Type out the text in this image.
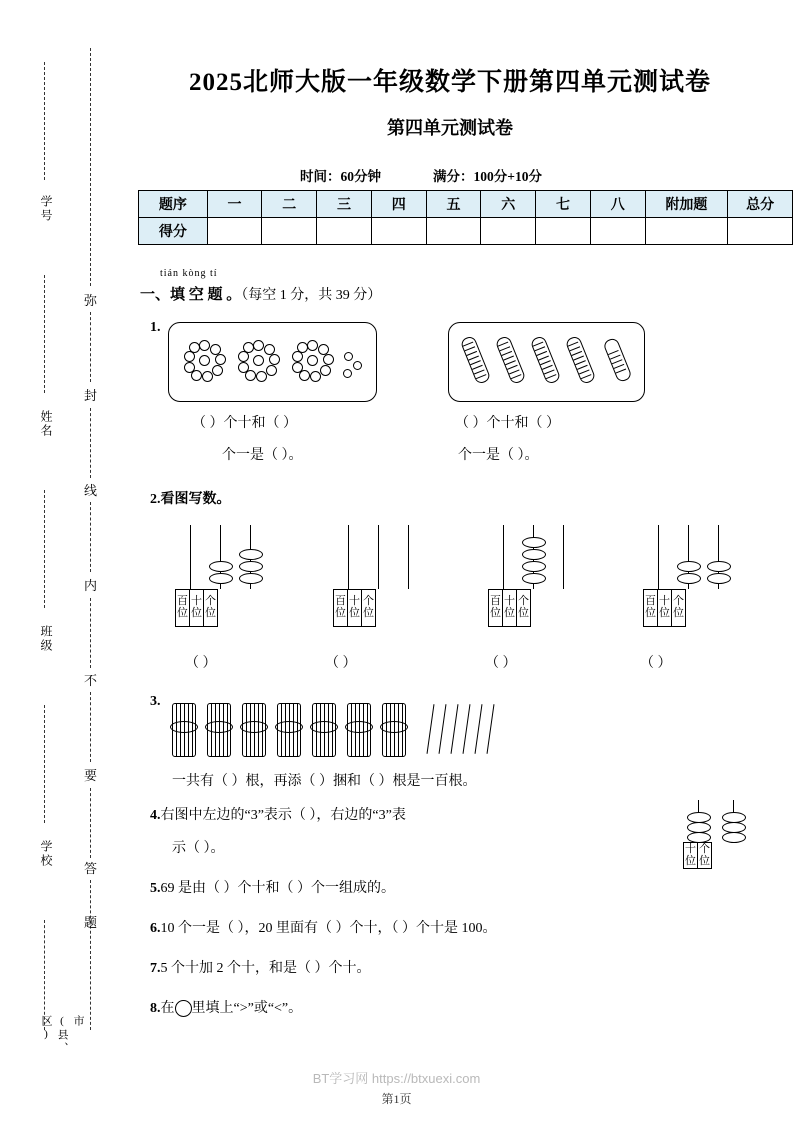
学号
姓名
班级
学校
市(县、区)
弥
封
线
内
不
要
答
题
2025北师大版一年级数学下册第四单元测试卷
第四单元测试卷
时间：60分钟	满分：100分+10分
题序	一	二	三	四	五	六	七	八	附加题	总分
得分										
tián kòng tí
一、填 空 题 。（每空 1 分，共 39 分）
1.
（ ）个十和（ ）
个一是（ ）。
（ ）个十和（ ）
个一是（ ）。
2.看图写数。
百位	十位	个位
（ ）
百位	十位	个位
（ ）
百位	十位	个位
（ ）
百位	十位	个位
（ ）
3.
一共有（ ）根，再添（ ）捆和（ ）根是一百根。
4.右图中左边的“3”表示（ ），右边的“3”表
示（ ）。	十位	个位
5.69 是由（ ）个十和（ ）个一组成的。
6.10 个一是（ ），20 里面有（ ）个十，（ ）个十是 100。
7.5 个十加 2 个十，和是（ ）个十。
8.在 里填上“>”或“<”。
BT学习网 https://btxuexi.com
第1页
